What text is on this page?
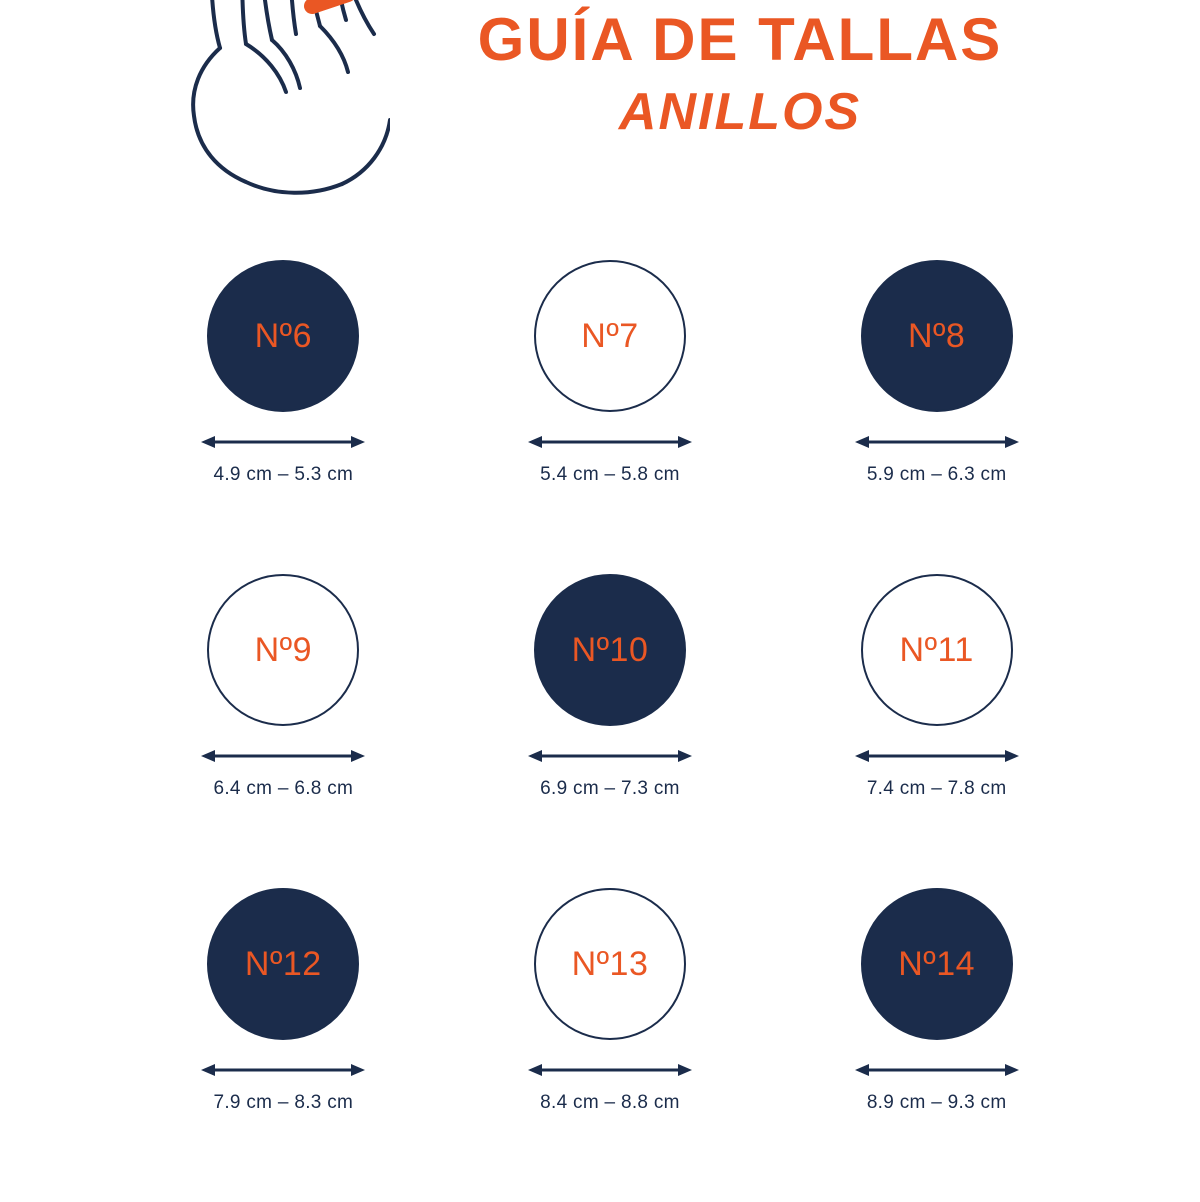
GUÍA DE TALLAS
ANILLOS
Nº6
4.9 cm – 5.3 cm
Nº7
5.4 cm – 5.8 cm
Nº8
5.9 cm – 6.3 cm
Nº9
6.4 cm – 6.8 cm
Nº10
6.9 cm – 7.3 cm
Nº11
7.4 cm – 7.8 cm
Nº12
7.9 cm – 8.3 cm
Nº13
8.4 cm – 8.8 cm
Nº14
8.9 cm – 9.3 cm
